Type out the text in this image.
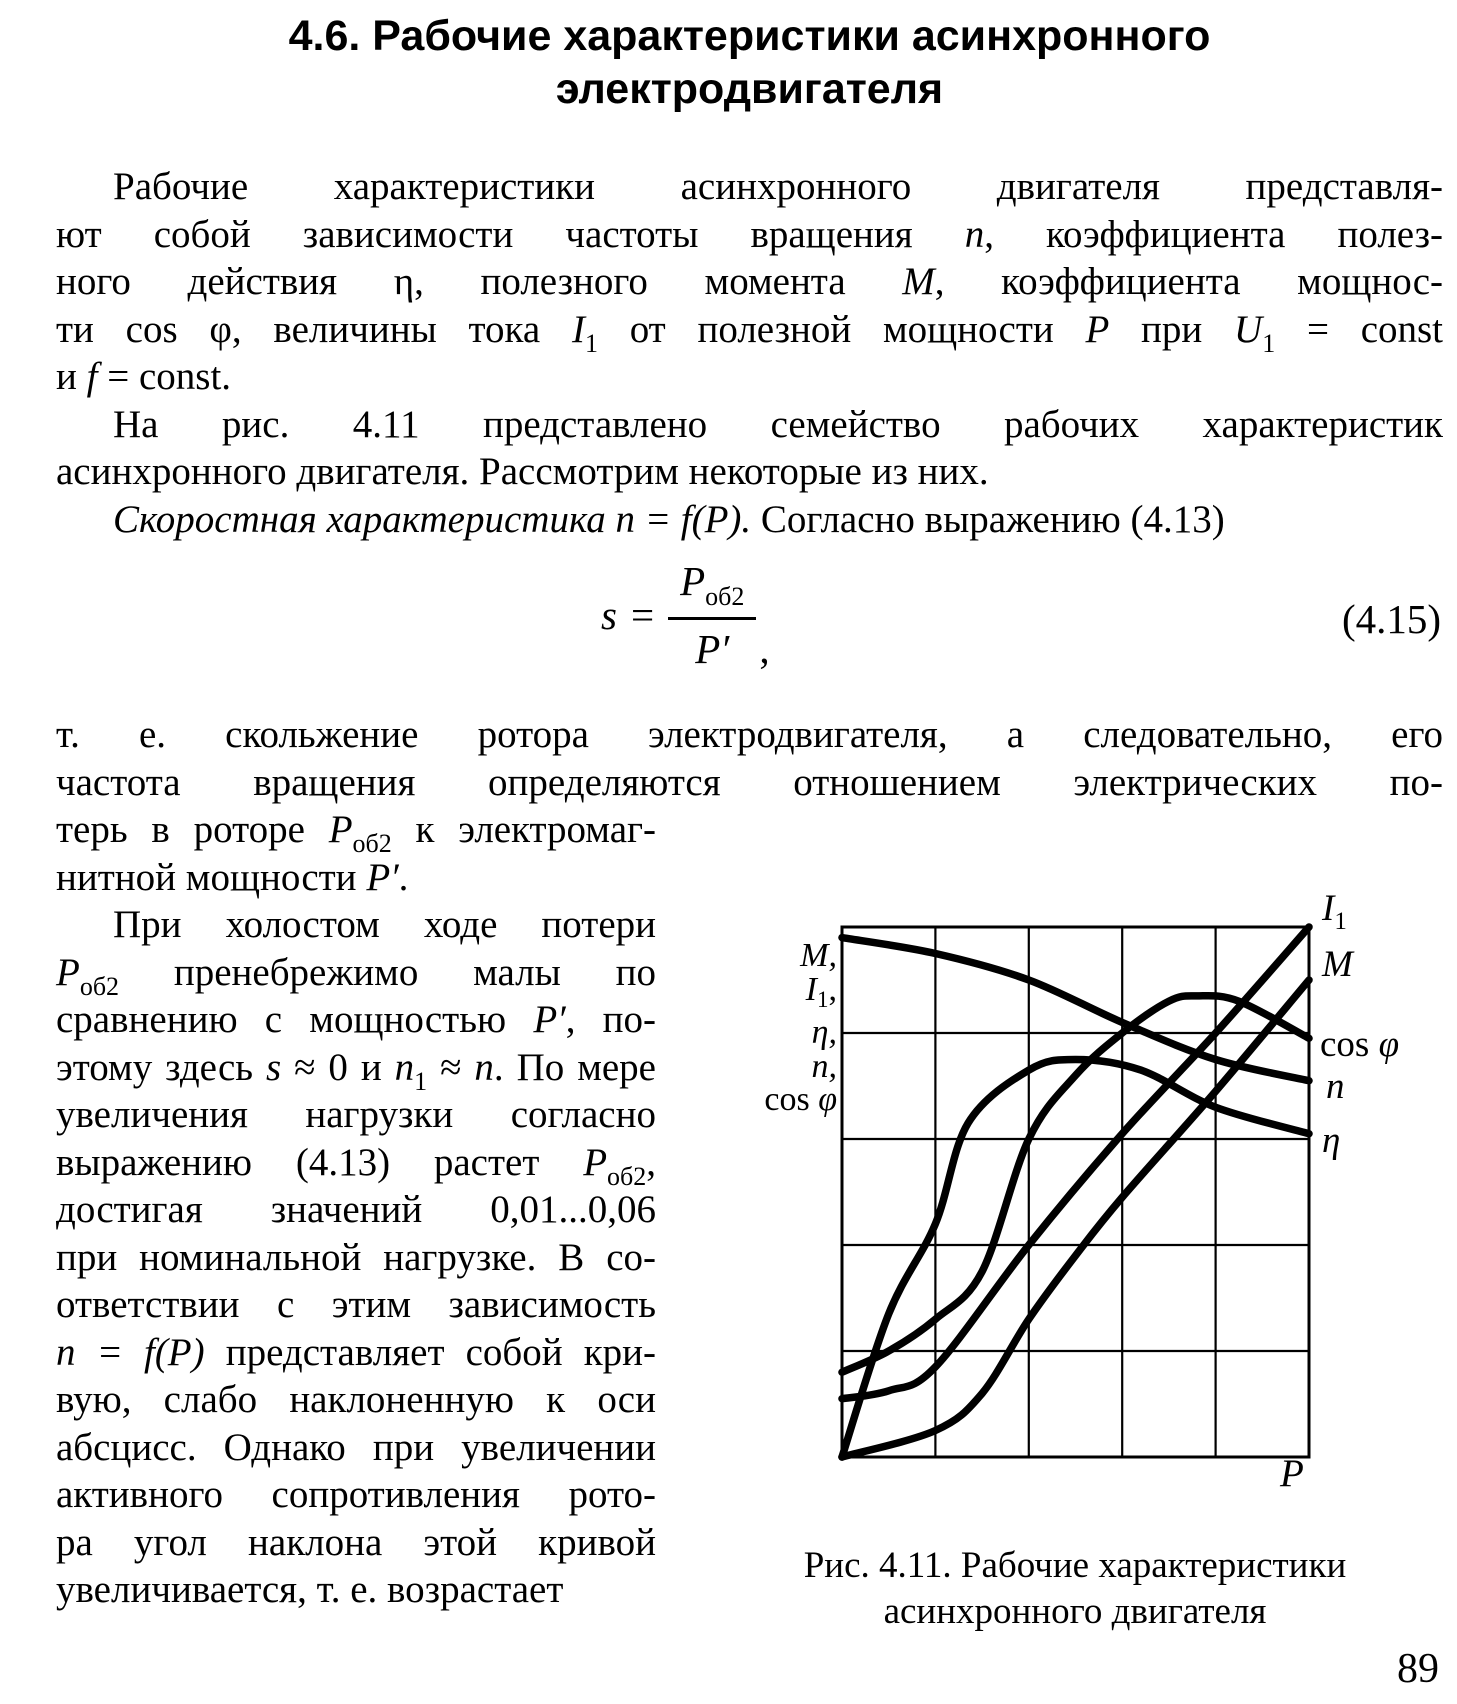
4.6. Рабочие характеристики асинхронного
электродвигателя
Рабочие характеристики асинхронного двигателя представля-
ют собой зависимости частоты вращения n, коэффициента полез-
ного действия η, полезного момента M, коэффициента мощнос-
ти cos φ, величины тока $I_1$ от полезной мощности P при $U_1$ = const
и f = const.
На рис. 4.11 представлено семейство рабочих характеристик
асинхронного двигателя. Рассмотрим некоторые из них.
Скоростная характеристика n = f(P). Согласно выражению (4.13)
$s = \frac{P_{об2}}{P'}$ ,
(4.15)
т. е. скольжение ротора электродвигателя, а следовательно, его
частота вращения определяются отношением электрических по-
терь в роторе $P_{об2}$ к электромаг-
нитной мощности P′.
При холостом ходе потери
$P_{об2}$ пренебрежимо малы по
сравнению с мощностью P′, по-
этому здесь s ≈ 0 и $n_1 \approx n$. По мере
увеличения нагрузки согласно
выражению (4.13) растет $P_{об2}$,
достигая значений 0,01...0,06
при номинальной нагрузке. В со-
ответствии с этим зависимость
n = f(P) представляет собой кри-
вую, слабо наклоненную к оси
абсцисс. Однако при увеличении
активного сопротивления рото-
ра угол наклона этой кривой
увеличивается, т. е. возрастает
M,
$I_1$,
η,
n,
cos φ
$I_1$
M
cos φ
n
η
P
Рис. 4.11. Рабочие характеристики
асинхронного двигателя
89
